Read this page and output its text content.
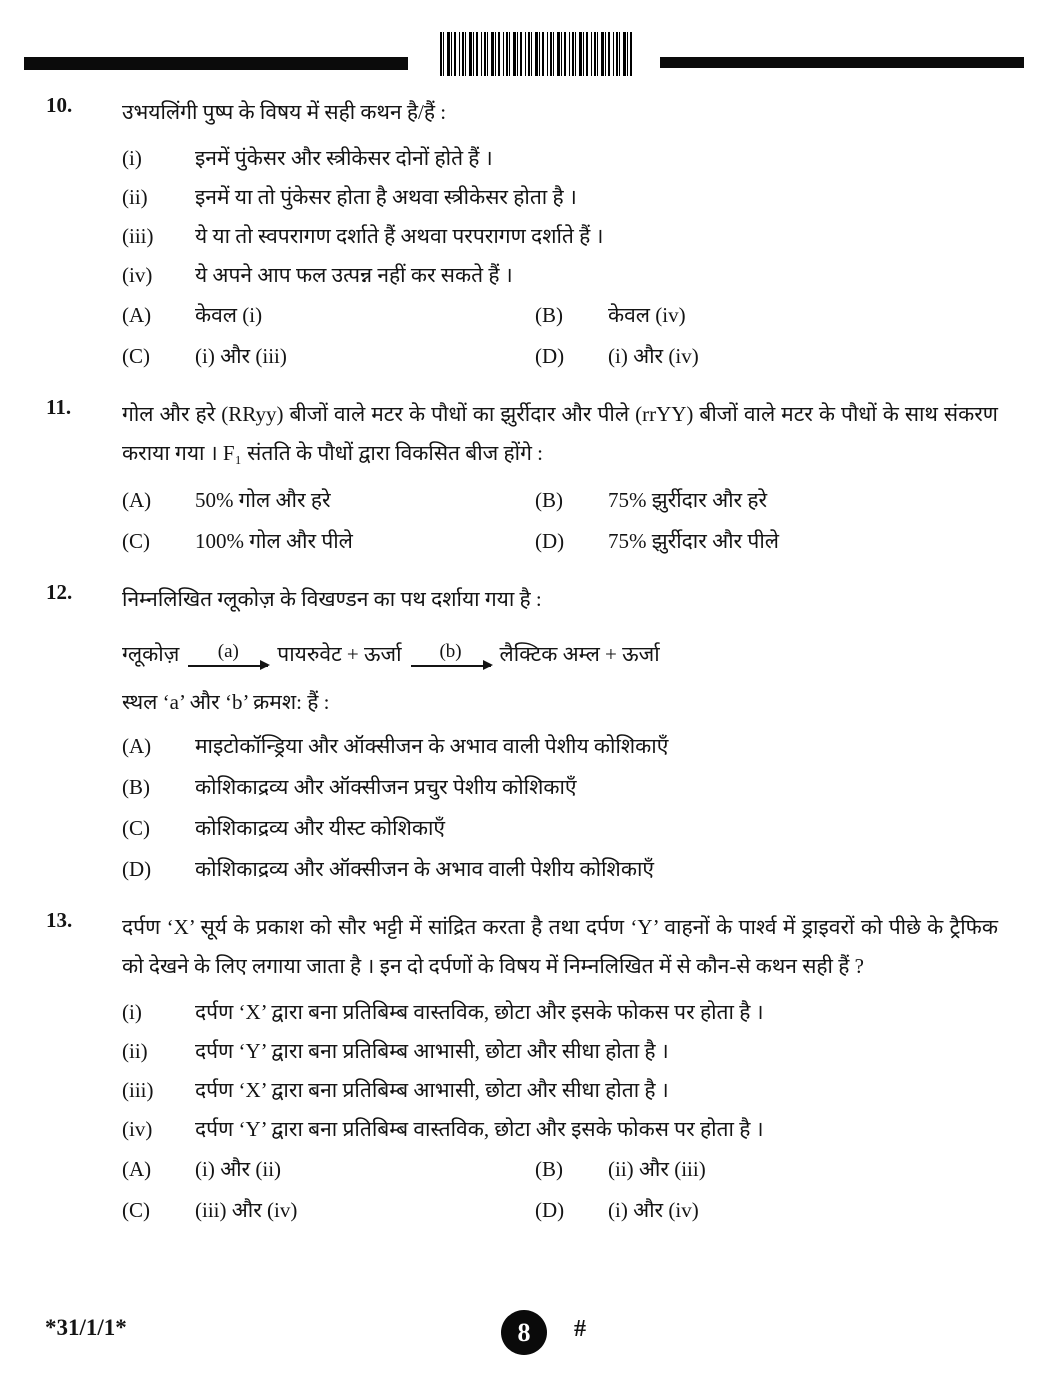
10. उभयलिंगी पुष्प के विषय में सही कथन है/हैं :

(i)	इनमें पुंकेसर और स्त्रीकेसर दोनों होते हैं ।
(ii)	इनमें या तो पुंकेसर होता है अथवा स्त्रीकेसर होता है ।
(iii)	ये या तो स्वपरागण दर्शाते हैं अथवा परपरागण दर्शाते हैं ।
(iv)	ये अपने आप फल उत्पन्न नहीं कर सकते हैं ।
(A)	केवल (i)	(B)	केवल (iv)
(C)	(i) और (iii)	(D)	(i) और (iv)
11. गोल और हरे (RRyy) बीजों वाले मटर के पौधों का झुर्रीदार और पीले (rrYY) बीजों वाले मटर के पौधों के साथ संकरण कराया गया । F₁ संतति के पौधों द्वारा विकसित बीज होंगे :

(A)	50% गोल और हरे	(B)	75% झुर्रीदार और हरे
(C)	100% गोल और पीले	(D)	75% झुर्रीदार और पीले
12. निम्नलिखित ग्लूकोज़ के विखण्डन का पथ दर्शाया गया है :

ग्लूकोज़ (a) पायरुवेट + ऊर्जा (b) लैक्टिक अम्ल + ऊर्जा

स्थल ‘a’ और ‘b’ क्रमश: हैं :

(A)	माइटोकॉन्ड्रिया और ऑक्सीजन के अभाव वाली पेशीय कोशिकाएँ
(B)	कोशिकाद्रव्य और ऑक्सीजन प्रचुर पेशीय कोशिकाएँ
(C)	कोशिकाद्रव्य और यीस्ट कोशिकाएँ
(D)	कोशिकाद्रव्य और ऑक्सीजन के अभाव वाली पेशीय कोशिकाएँ
13. दर्पण ‘X’ सूर्य के प्रकाश को सौर भट्टी में सांद्रित करता है तथा दर्पण ‘Y’ वाहनों के पार्श्व में ड्राइवरों को पीछे के ट्रैफिक को देखने के लिए लगाया जाता है । इन दो दर्पणों के विषय में निम्नलिखित में से कौन-से कथन सही हैं ?

(i)	दर्पण ‘X’ द्वारा बना प्रतिबिम्ब वास्तविक, छोटा और इसके फोकस पर होता है ।
(ii)	दर्पण ‘Y’ द्वारा बना प्रतिबिम्ब आभासी, छोटा और सीधा होता है ।
(iii)	दर्पण ‘X’ द्वारा बना प्रतिबिम्ब आभासी, छोटा और सीधा होता है ।
(iv)	दर्पण ‘Y’ द्वारा बना प्रतिबिम्ब वास्तविक, छोटा और इसके फोकस पर होता है ।
(A)	(i) और (ii)	(B)	(ii) और (iii)
(C)	(iii) और (iv)	(D)	(i) और (iv)
*31/1/1*	8 #
